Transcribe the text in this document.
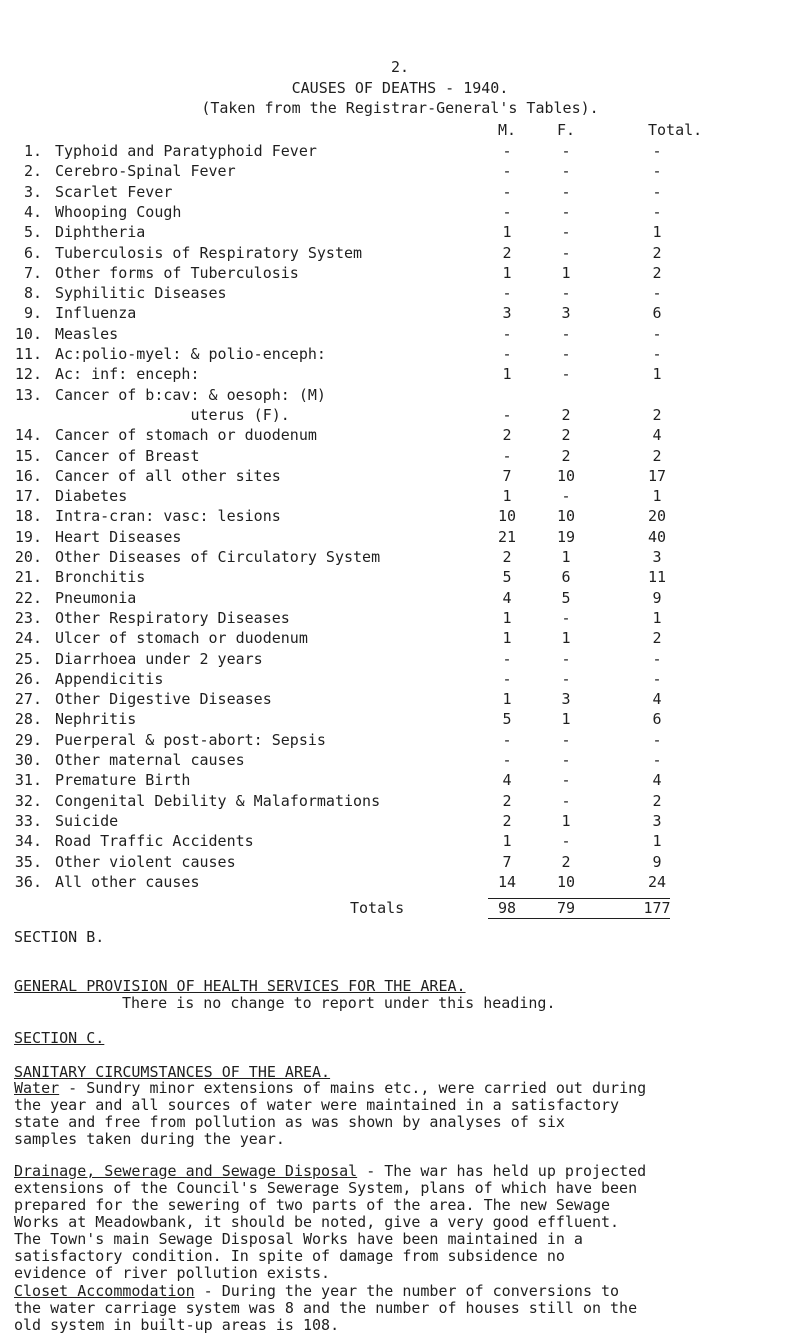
2.
CAUSES OF DEATHS - 1940.
(Taken from the Registrar-General's Tables).
M.	F.	Total.
1. Typhoid and Paratyphoid Fever	-	-	-
2. Cerebro-Spinal Fever	-	-	-
3. Scarlet Fever	-	-	-
4. Whooping Cough	-	-	-
5. Diphtheria	1	-	1
6. Tuberculosis of Respiratory System	2	-	2
7. Other forms of Tuberculosis	1	1	2
8. Syphilitic Diseases	-	-	-
9. Influenza	3	3	6
10. Measles	-	-	-
11. Ac:polio-myel: & polio-enceph:	-	-	-
12. Ac: inf: enceph:	1	-	1
13. Cancer of b:cav: & oesoph: (M)
uterus (F).	-	2	2
14. Cancer of stomach or duodenum	2	2	4
15. Cancer of Breast	-	2	2
16. Cancer of all other sites	7	10	17
17. Diabetes	1	-	1
18. Intra-cran: vasc: lesions	10	10	20
19. Heart Diseases	21	19	40
20. Other Diseases of Circulatory System	2	1	3
21. Bronchitis	5	6	11
22. Pneumonia	4	5	9
23. Other Respiratory Diseases	1	-	1
24. Ulcer of stomach or duodenum	1	1	2
25. Diarrhoea under 2 years	-	-	-
26. Appendicitis	-	-	-
27. Other Digestive Diseases	1	3	4
28. Nephritis	5	1	6
29. Puerperal & post-abort: Sepsis	-	-	-
30. Other maternal causes	-	-	-
31. Premature Birth	4	-	4
32. Congenital Debility & Malaformations	2	-	2
33. Suicide	2	1	3
34. Road Traffic Accidents	1	-	1
35. Other violent causes	7	2	9
36. All other causes	14	10	24
Totals	98	79	177
SECTION B.
GENERAL PROVISION OF HEALTH SERVICES FOR THE AREA.
There is no change to report under this heading.
SECTION C.
SANITARY CIRCUMSTANCES OF THE AREA.
Water - Sundry minor extensions of mains etc., were carried out during
the year and all sources of water were maintained in a satisfactory
state and free from pollution as was shown by analyses of six
samples taken during the year.
Drainage, Sewerage and Sewage Disposal - The war has held up projected
extensions of the Council's Sewerage System, plans of which have been
prepared for the sewering of two parts of the area. The new Sewage
Works at Meadowbank, it should be noted, give a very good effluent.
The Town's main Sewage Disposal Works have been maintained in a
satisfactory condition. In spite of damage from subsidence no
evidence of river pollution exists.
Closet Accommodation - During the year the number of conversions to
the water carriage system was 8 and the number of houses still on the
old system in built-up areas is 108.
